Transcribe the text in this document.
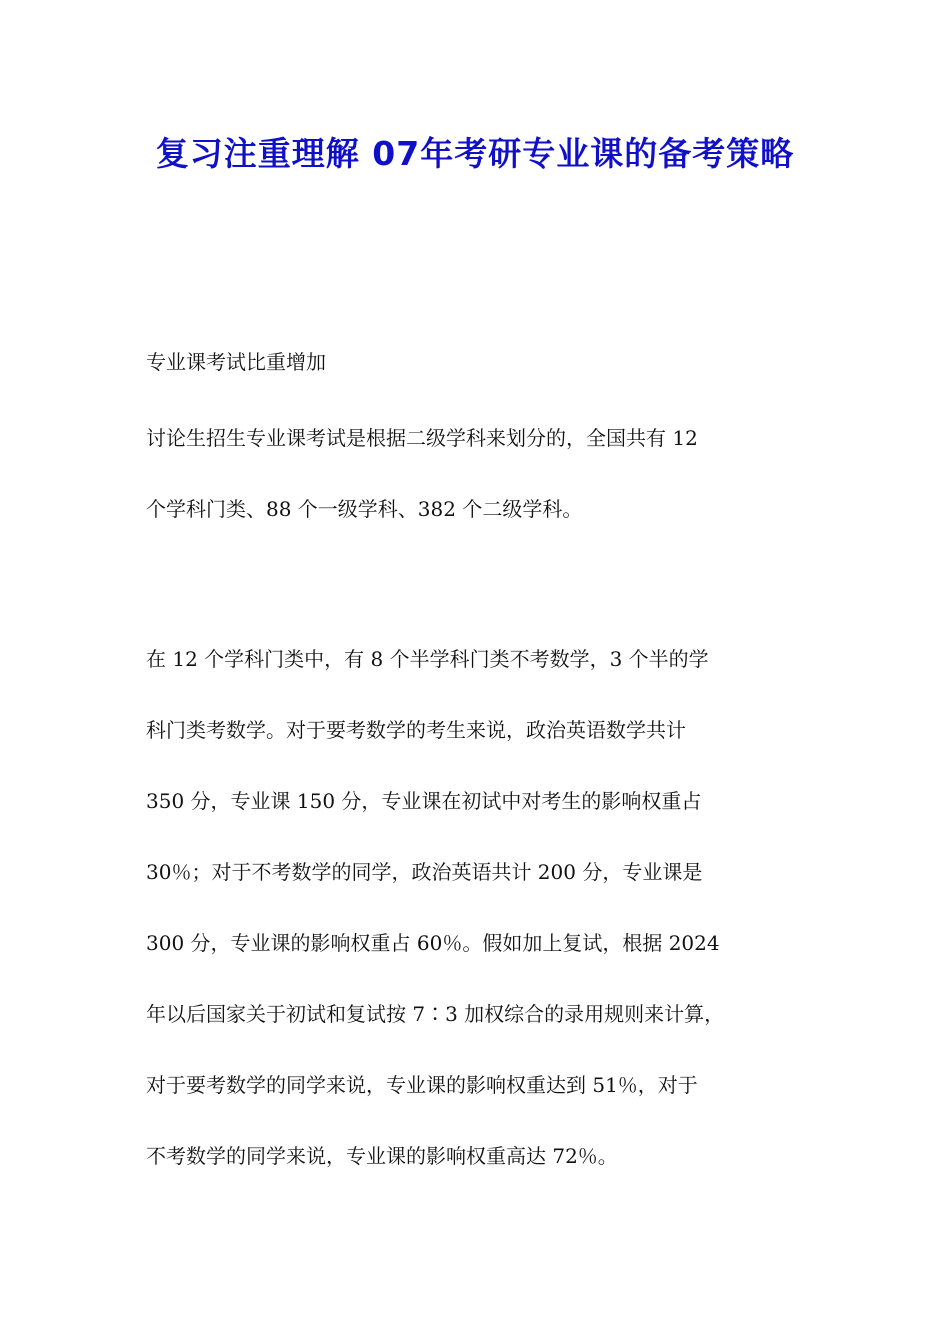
复习注重理解 07年考研专业课的备考策略
专业课考试比重增加
讨论生招生专业课考试是根据二级学科来划分的，全国共有 12
个学科门类、88 个一级学科、382 个二级学科。
在 12 个学科门类中，有 8 个半学科门类不考数学，3 个半的学
科门类考数学。对于要考数学的考生来说，政治英语数学共计
350 分，专业课 150 分，专业课在初试中对考生的影响权重占
30％；对于不考数学的同学，政治英语共计 200 分，专业课是
300 分，专业课的影响权重占 60％。假如加上复试，根据 2024
年以后国家关于初试和复试按 7∶3 加权综合的录用规则来计算，
对于要考数学的同学来说，专业课的影响权重达到 51％，对于
不考数学的同学来说，专业课的影响权重高达 72％。
